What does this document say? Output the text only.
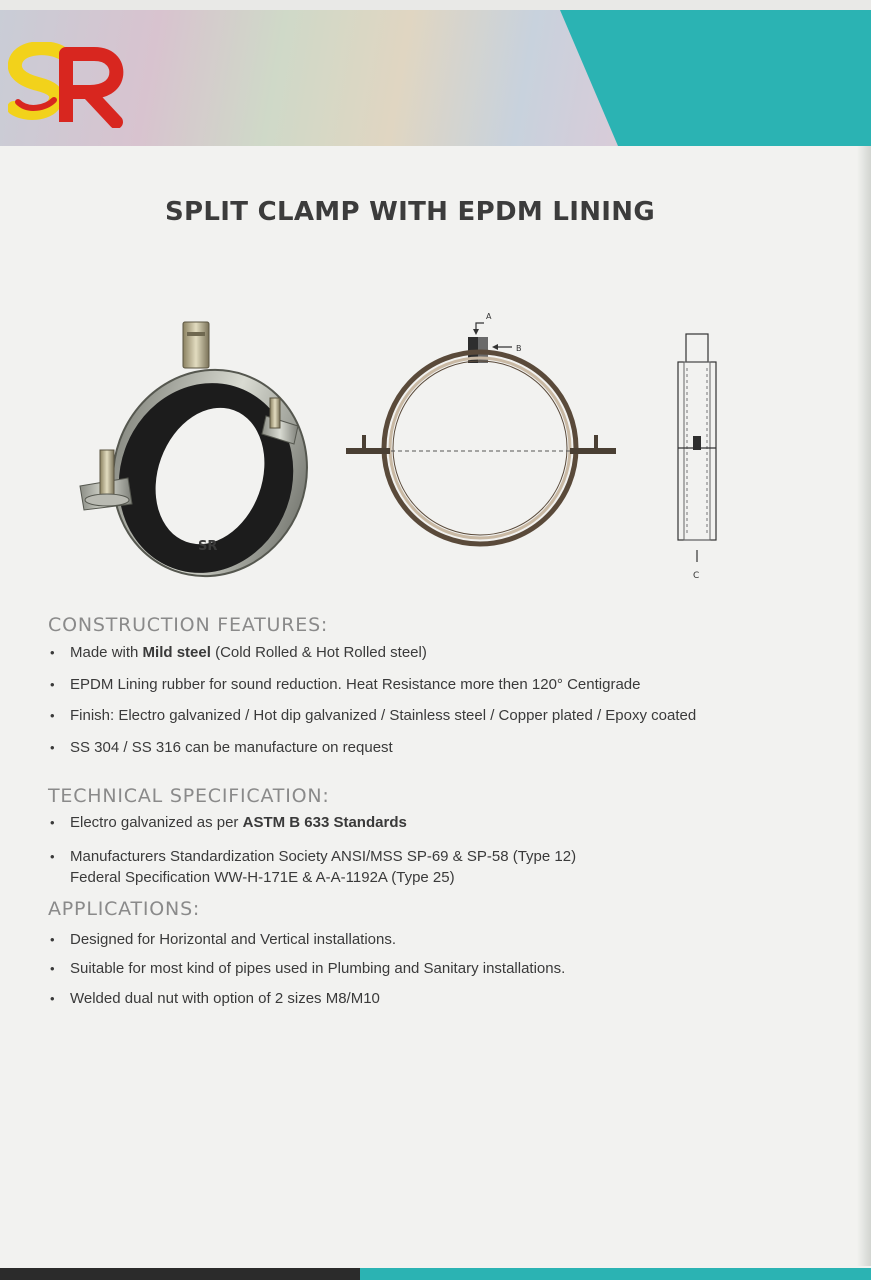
SPLIT CLAMP WITH EPDM LINING
SR
A
B
C
CONSTRUCTION FEATURES:
• Made with Mild steel (Cold Rolled & Hot Rolled steel)
• EPDM Lining rubber for sound reduction. Heat Resistance more then 120° Centigrade
• Finish: Electro galvanized / Hot dip galvanized / Stainless steel / Copper plated / Epoxy coated
• SS 304 / SS 316 can be manufacture on request
TECHNICAL SPECIFICATION:
• Electro galvanized as per ASTM B 633 Standards
• Manufacturers Standardization Society ANSI/MSS SP-69 & SP-58 (Type 12)
Federal Specification WW-H-171E & A-A-1192A (Type 25)
APPLICATIONS:
• Designed for Horizontal and Vertical installations.
• Suitable for most kind of pipes used in Plumbing and Sanitary installations.
• Welded dual nut with option of 2 sizes M8/M10
